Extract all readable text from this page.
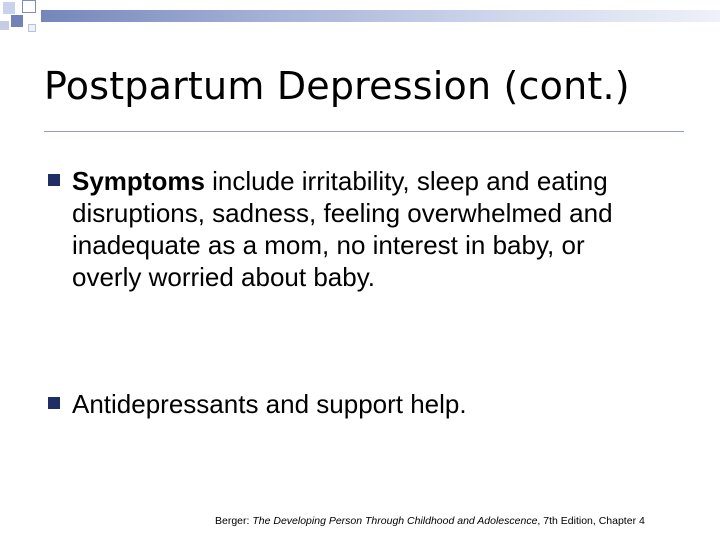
Postpartum Depression (cont.)
Symptoms include irritability, sleep and eating disruptions, sadness, feeling overwhelmed and inadequate as a mom, no interest in baby, or overly worried about baby.
Antidepressants and support help.
Berger: The Developing Person Through Childhood and Adolescence, 7th Edition, Chapter 4
